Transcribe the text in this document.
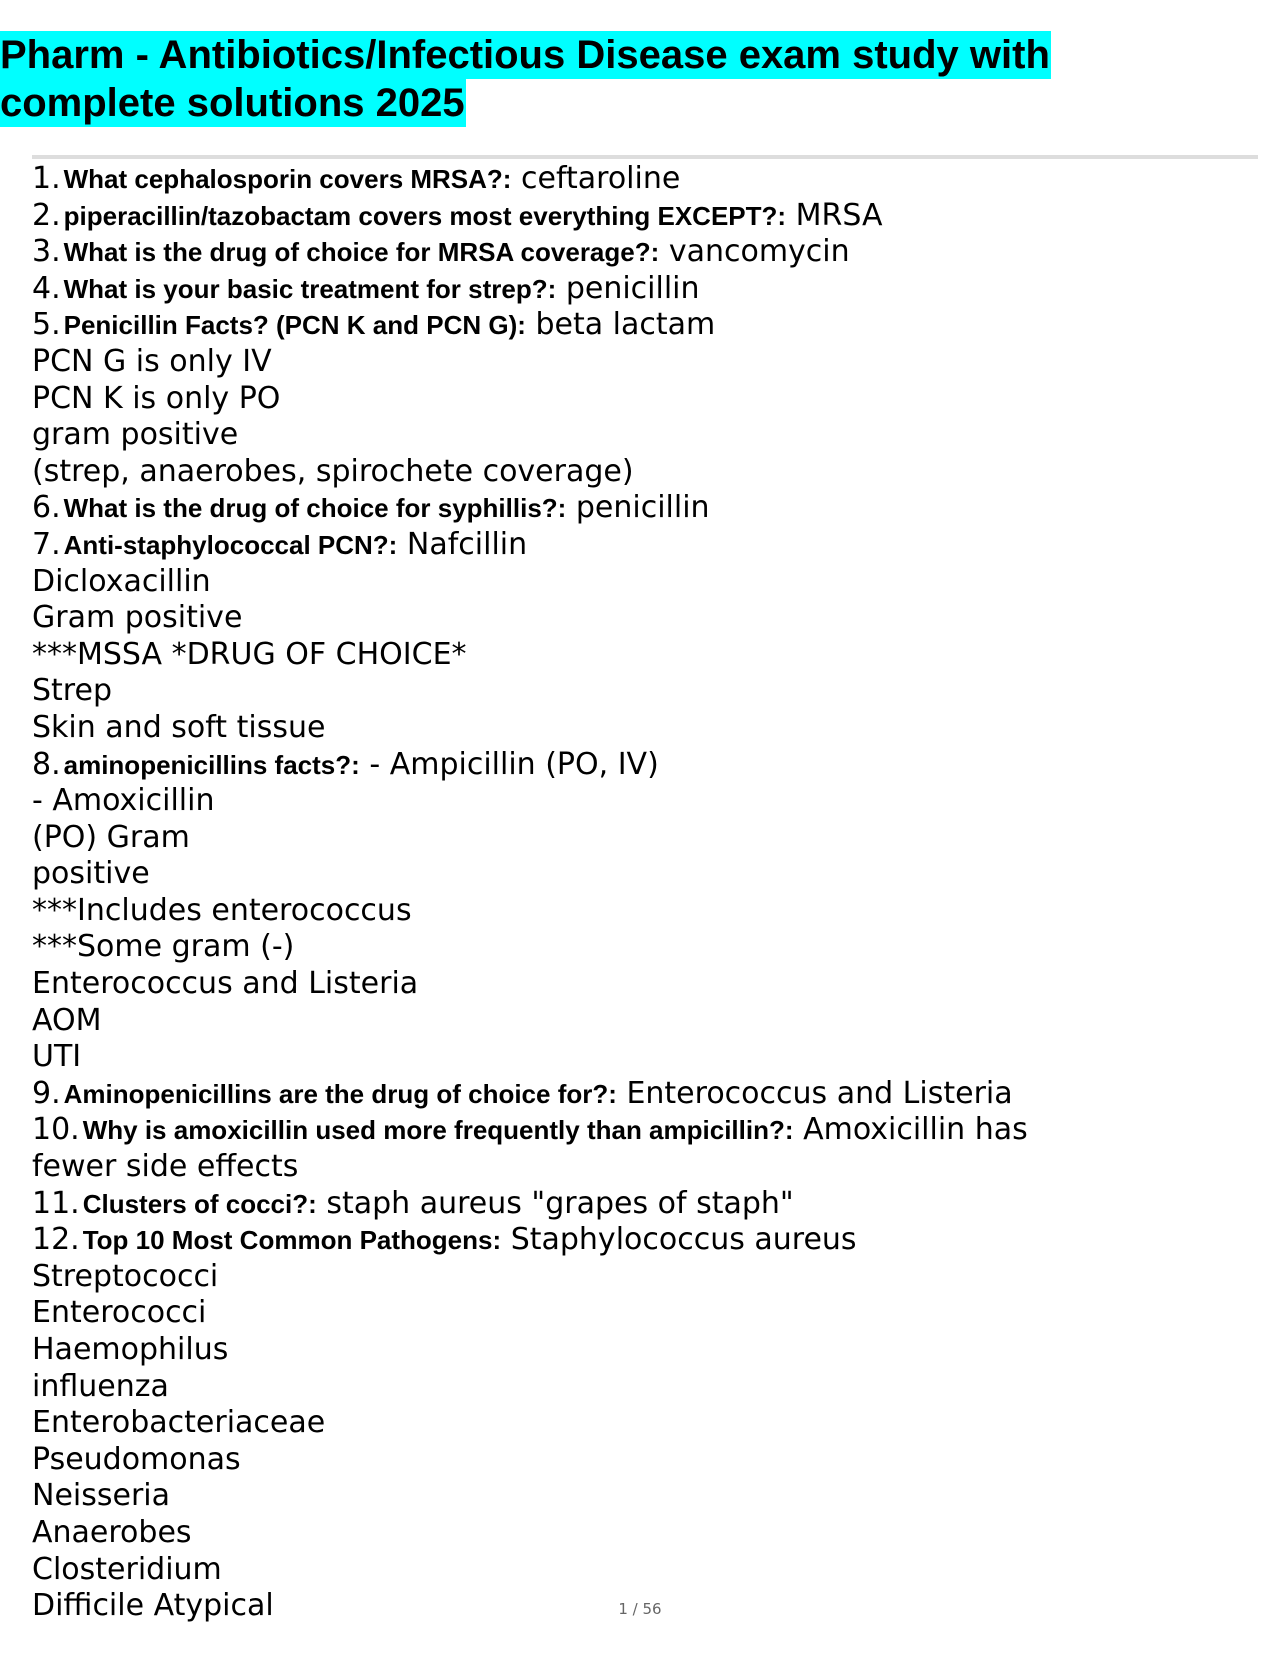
Pharm - Antibiotics/Infectious Disease exam study with
complete solutions 2025
1. What cephalosporin covers MRSA?: ceftaroline
2. piperacillin/tazobactam covers most everything EXCEPT?: MRSA
3. What is the drug of choice for MRSA coverage?: vancomycin
4. What is your basic treatment for strep?: penicillin
5. Penicillin Facts? (PCN K and PCN G): beta lactam
PCN G is only IV
PCN K is only PO
gram positive
(strep, anaerobes, spirochete coverage)
6. What is the drug of choice for syphillis?: penicillin
7. Anti-staphylococcal PCN?: Nafcillin
Dicloxacillin
Gram positive
***MSSA *DRUG OF CHOICE*
Strep
Skin and soft tissue
8. aminopenicillins facts?: - Ampicillin (PO, IV)
- Amoxicillin
(PO) Gram
positive
***Includes enterococcus
***Some gram (-)
Enterococcus and Listeria
AOM
UTI
9. Aminopenicillins are the drug of choice for?: Enterococcus and Listeria
10. Why is amoxicillin used more frequently than ampicillin?: Amoxicillin has
fewer side effects
11. Clusters of cocci?: staph aureus "grapes of staph"
12. Top 10 Most Common Pathogens: Staphylococcus aureus
Streptococci
Enterococci
Haemophilus
influenza
Enterobacteriaceae
Pseudomonas
Neisseria
Anaerobes
Closteridium
Difficile Atypical	1 / 56
